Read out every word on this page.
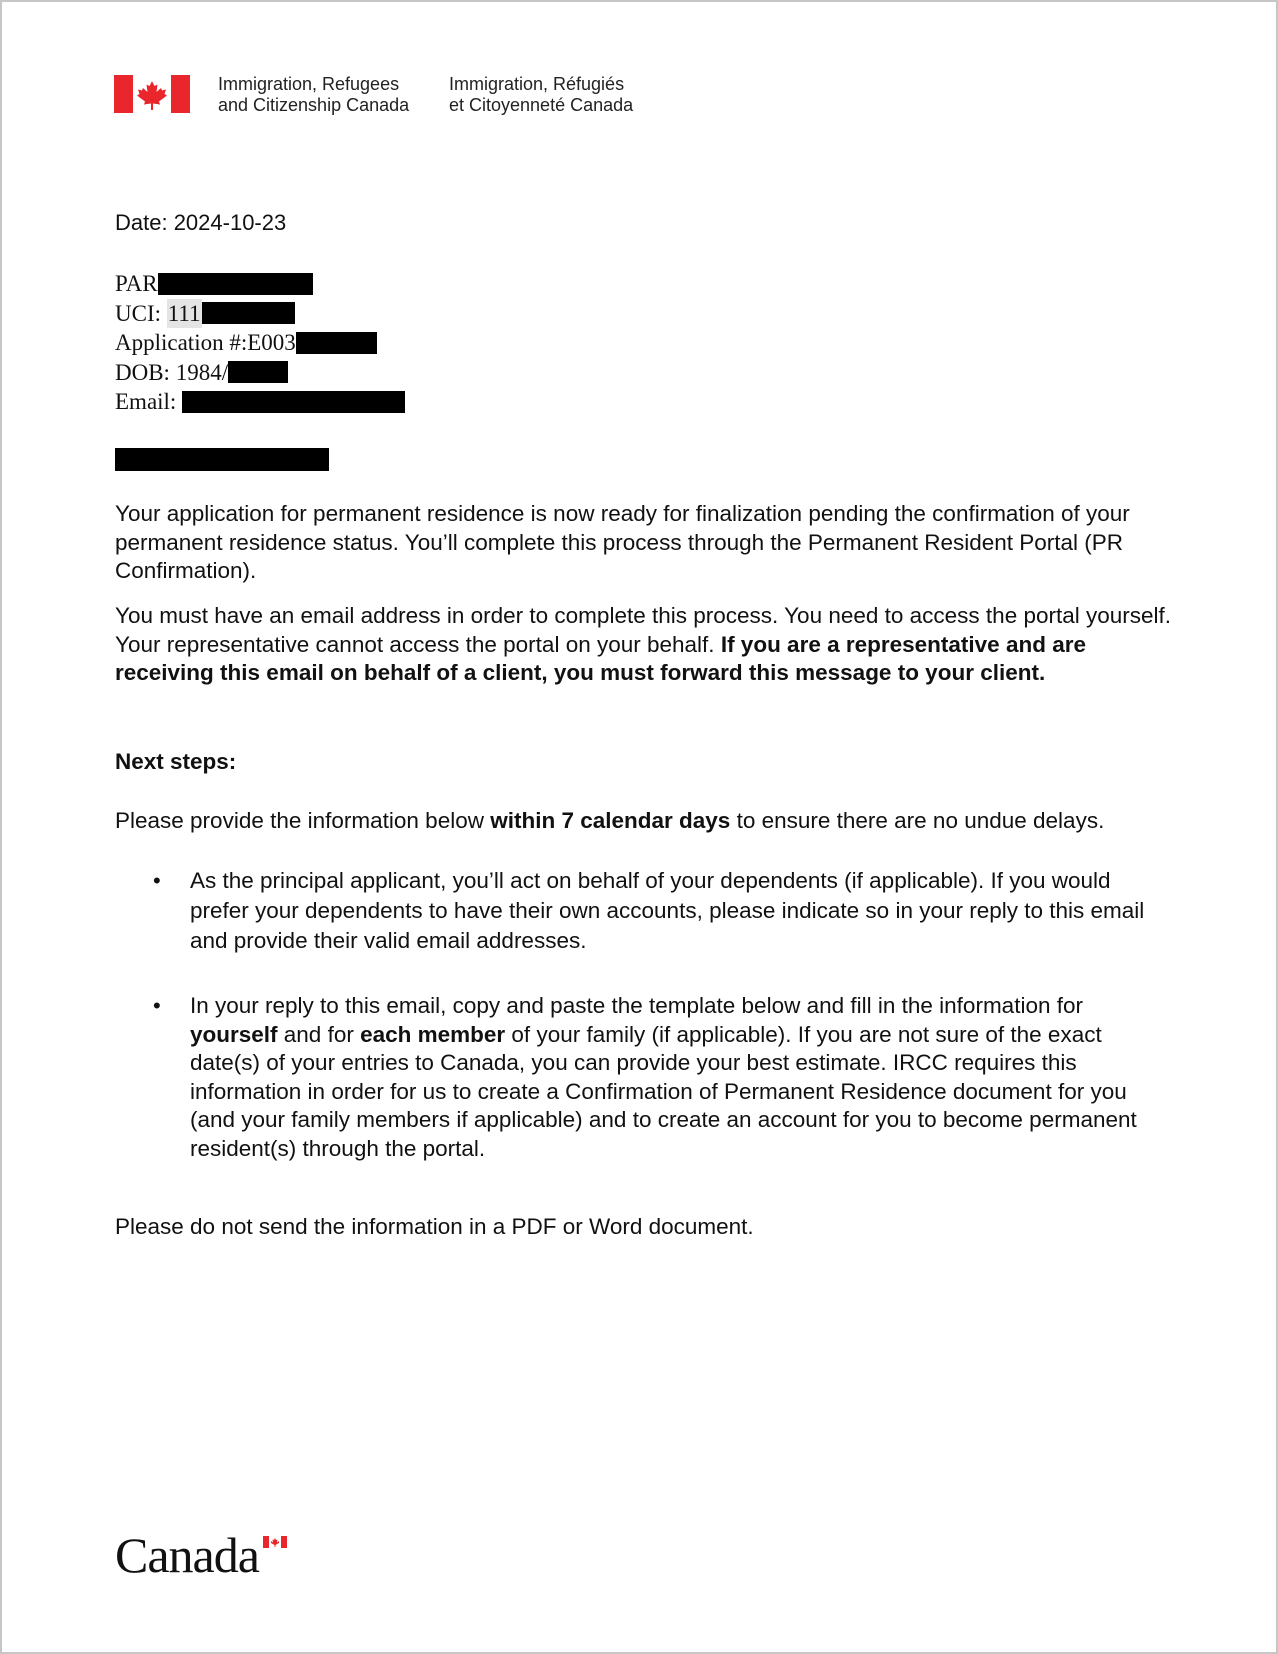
Immigration, Refugees
and Citizenship Canada
Immigration, Réfugiés
et Citoyenneté Canada
Date: 2024-10-23
PAR
UCI: 111
Application #:E003
DOB: 1984/
Email:

Your application for permanent residence is now ready for finalization pending the confirmation of your permanent residence status. You’ll complete this process through the Permanent Resident Portal (PR Confirmation).

You must have an email address in order to complete this process. You need to access the portal yourself. Your representative cannot access the portal on your behalf. If you are a representative and are receiving this email on behalf of a client, you must forward this message to your client.

Next steps:

Please provide the information below within 7 calendar days to ensure there are no undue delays.

• As the principal applicant, you’ll act on behalf of your dependents (if applicable). If you would prefer your dependents to have their own accounts, please indicate so in your reply to this email and provide their valid email addresses.
• In your reply to this email, copy and paste the template below and fill in the information for yourself and for each member of your family (if applicable). If you are not sure of the exact date(s) of your entries to Canada, you can provide your best estimate. IRCC requires this information in order for us to create a Confirmation of Permanent Residence document for you (and your family members if applicable) and to create an account for you to become permanent resident(s) through the portal.

Please do not send the information in a PDF or Word document.

Canada
